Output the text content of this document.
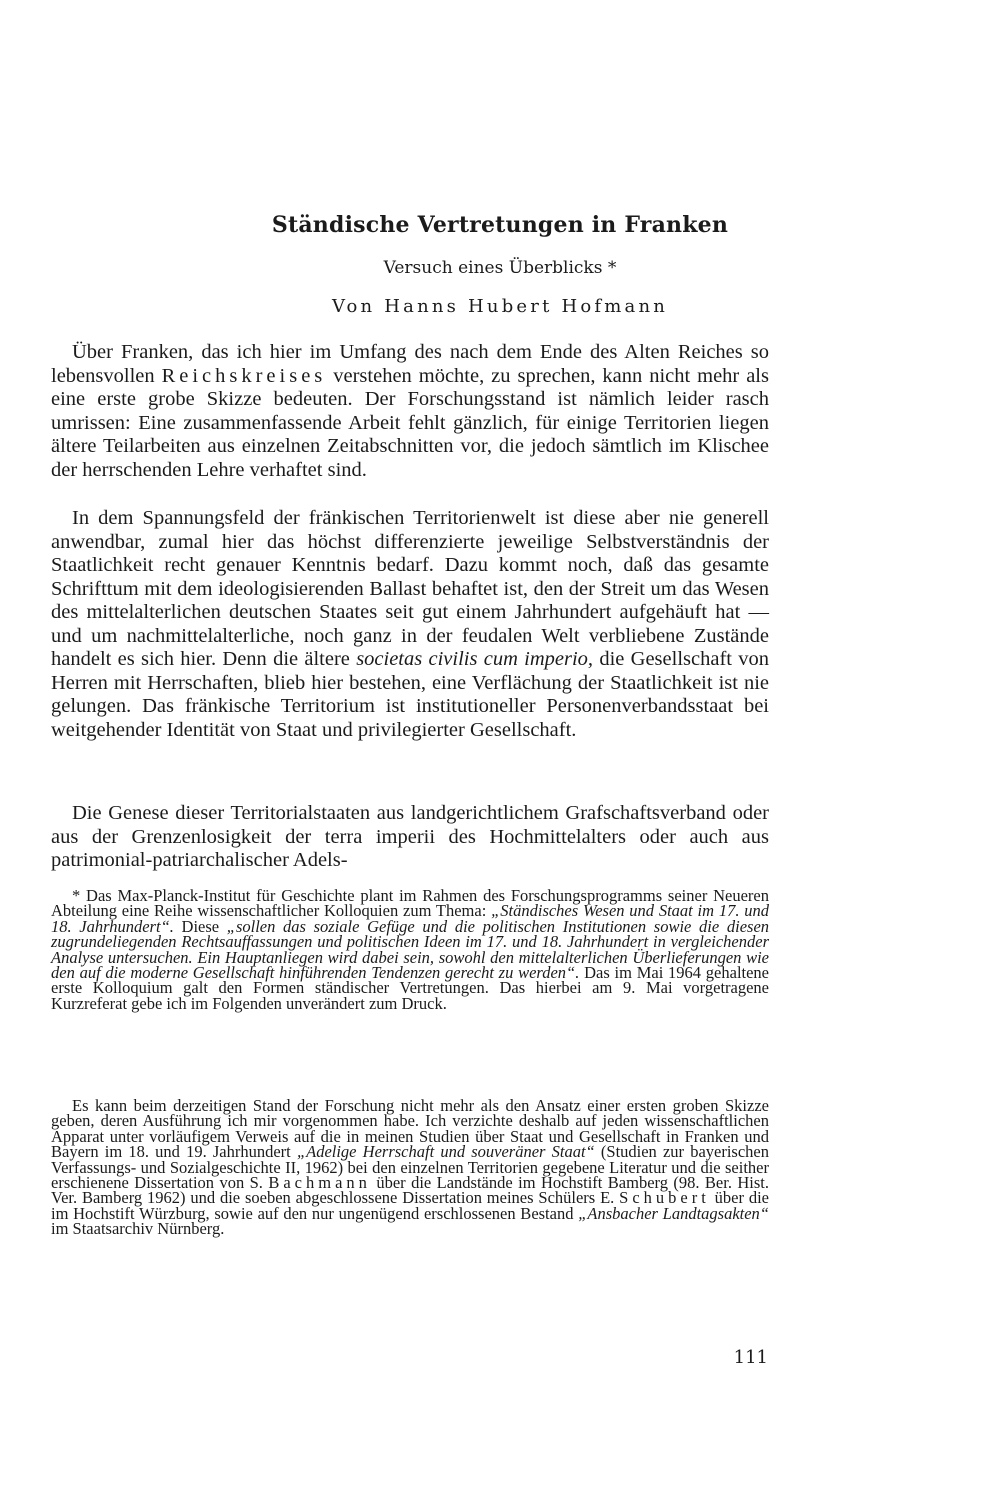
Ständische Vertretungen in Franken
Versuch eines Überblicks *
Von Hanns Hubert Hofmann

Über Franken, das ich hier im Umfang des nach dem Ende des Alten Reiches so lebensvollen Reichskreises verstehen möchte, zu sprechen, kann nicht mehr als eine erste grobe Skizze bedeuten. Der Forschungsstand ist nämlich leider rasch umrissen: Eine zusammenfassende Arbeit fehlt gänzlich, für einige Territorien liegen ältere Teilarbeiten aus einzelnen Zeitabschnitten vor, die jedoch sämtlich im Klischee der herrschenden Lehre verhaftet sind.

In dem Spannungsfeld der fränkischen Territorienwelt ist diese aber nie generell anwendbar, zumal hier das höchst differenzierte jeweilige Selbstverständnis der Staatlichkeit recht genauer Kenntnis bedarf. Dazu kommt noch, daß das gesamte Schrifttum mit dem ideologisierenden Ballast behaftet ist, den der Streit um das Wesen des mittelalterlichen deutschen Staates seit gut einem Jahrhundert aufgehäuft hat — und um nachmittelalterliche, noch ganz in der feudalen Welt verbliebene Zustände handelt es sich hier. Denn die ältere societas civilis cum imperio, die Gesellschaft von Herren mit Herrschaften, blieb hier bestehen, eine Verflächung der Staatlichkeit ist nie gelungen. Das fränkische Territorium ist institutioneller Personenverbandsstaat bei weitgehender Identität von Staat und privilegierter Gesellschaft.

Die Genese dieser Territorialstaaten aus landgerichtlichem Grafschaftsverband oder aus der Grenzenlosigkeit der terra imperii des Hochmittelalters oder auch aus patrimonial-patriarchalischer Adels-

* Das Max-Planck-Institut für Geschichte plant im Rahmen des Forschungsprogramms seiner Neueren Abteilung eine Reihe wissenschaftlicher Kolloquien zum Thema: „Ständisches Wesen und Staat im 17. und 18. Jahrhundert“. Diese „sollen das soziale Gefüge und die politischen Institutionen sowie die diesen zugrundeliegenden Rechtsauffassungen und politischen Ideen im 17. und 18. Jahrhundert in vergleichender Analyse untersuchen. Ein Hauptanliegen wird dabei sein, sowohl den mittelalterlichen Überlieferungen wie den auf die moderne Gesellschaft hinführenden Tendenzen gerecht zu werden“. Das im Mai 1964 gehaltene erste Kolloquium galt den Formen ständischer Vertretungen. Das hierbei am 9. Mai vorgetragene Kurzreferat gebe ich im Folgenden unverändert zum Druck.

Es kann beim derzeitigen Stand der Forschung nicht mehr als den Ansatz einer ersten groben Skizze geben, deren Ausführung ich mir vorgenommen habe. Ich verzichte deshalb auf jeden wissenschaftlichen Apparat unter vorläufigem Verweis auf die in meinen Studien über Staat und Gesellschaft in Franken und Bayern im 18. und 19. Jahrhundert „Adelige Herrschaft und souveräner Staat“ (Studien zur bayerischen Verfassungs- und Sozialgeschichte II, 1962) bei den einzelnen Territorien gegebene Literatur und die seither erschienene Dissertation von S. Bachmann über die Landstände im Hochstift Bamberg (98. Ber. Hist. Ver. Bamberg 1962) und die soeben abgeschlossene Dissertation meines Schülers E. Schubert über die im Hochstift Würzburg, sowie auf den nur ungenügend erschlossenen Bestand „Ansbacher Landtagsakten“ im Staatsarchiv Nürnberg.

111
